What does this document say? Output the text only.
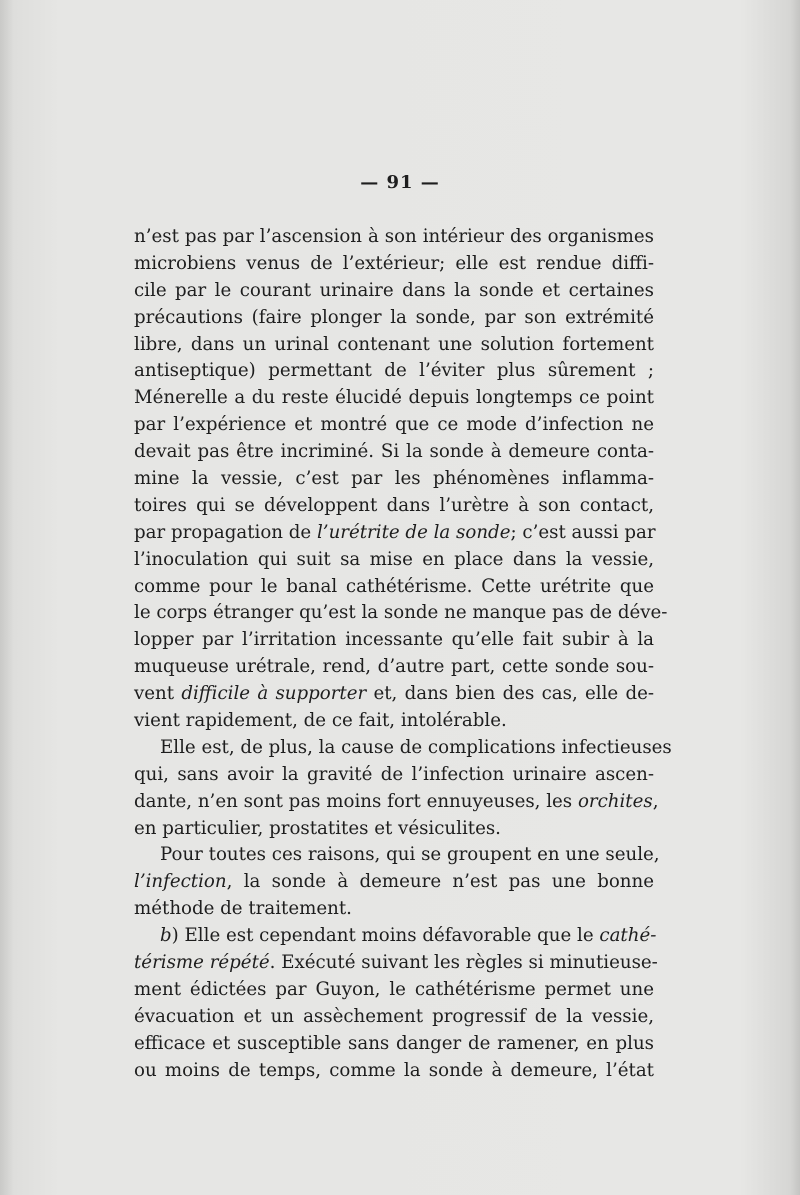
— 91 —
n’est pas par l’ascension à son intérieur des organismes
microbiens venus de l’extérieur; elle est rendue diffi-
cile par le courant urinaire dans la sonde et certaines
précautions (faire plonger la sonde, par son extrémité
libre, dans un urinal contenant une solution fortement
antiseptique) permettant de l’éviter plus sûrement ;
Ménerelle a du reste élucidé depuis longtemps ce point
par l’expérience et montré que ce mode d’infection ne
devait pas être incriminé. Si la sonde à demeure conta-
mine la vessie, c’est par les phénomènes inflamma-
toires qui se développent dans l’urètre à son contact,
par propagation de l’urétrite de la sonde; c’est aussi par
l’inoculation qui suit sa mise en place dans la vessie,
comme pour le banal cathétérisme. Cette urétrite que
le corps étranger qu’est la sonde ne manque pas de déve-
lopper par l’irritation incessante qu’elle fait subir à la
muqueuse urétrale, rend, d’autre part, cette sonde sou-
vent difficile à supporter et, dans bien des cas, elle de-
vient rapidement, de ce fait, intolérable.
Elle est, de plus, la cause de complications infectieuses
qui, sans avoir la gravité de l’infection urinaire ascen-
dante, n’en sont pas moins fort ennuyeuses, les orchites,
en particulier, prostatites et vésiculites.
Pour toutes ces raisons, qui se groupent en une seule,
l’infection, la sonde à demeure n’est pas une bonne
méthode de traitement.
b) Elle est cependant moins défavorable que le cathé-
térisme répété. Exécuté suivant les règles si minutieuse-
ment édictées par Guyon, le cathétérisme permet une
évacuation et un assèchement progressif de la vessie,
efficace et susceptible sans danger de ramener, en plus
ou moins de temps, comme la sonde à demeure, l’état
